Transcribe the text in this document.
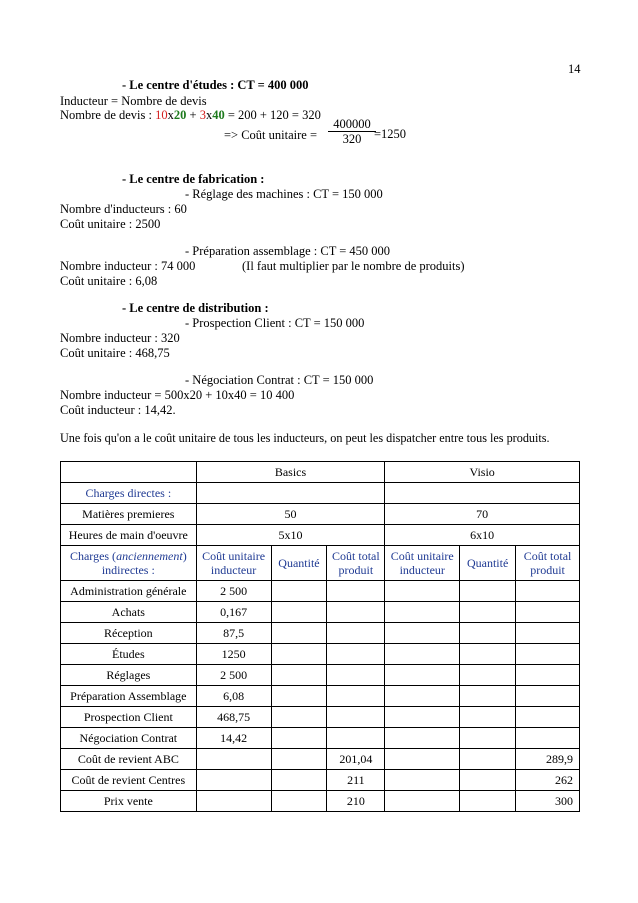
14
- Le centre d'études : CT = 400 000
Inducteur = Nombre de devis
Nombre de devis : 10x20 + 3x40 = 200 + 120 = 320
=> Coût unitaire = $\frac{400000}{320}$
=1250
- Le centre de fabrication :
- Réglage des machines : CT = 150 000
Nombre d'inducteurs : 60
Coût unitaire : 2500
- Préparation assemblage : CT = 450 000
Nombre inducteur : 74 000	(Il faut multiplier par le nombre de produits)
Coût unitaire : 6,08
- Le centre de distribution :
- Prospection Client : CT = 150 000
Nombre inducteur : 320
Coût unitaire : 468,75
- Négociation Contrat : CT = 150 000
Nombre inducteur = 500x20 + 10x40 = 10 400
Coût inducteur : 14,42.
Une fois qu'on a le coût unitaire de tous les inducteurs, on peut les dispatcher entre tous les produits.
	Basics			Visio		
Charges directes :						
Matières premieres	50			70		
Heures de main d'oeuvre	5x10			6x10		
Charges (anciennement)
indirectes :	Coût unitaire inducteur	Quantité	Coût total produit	Coût unitaire inducteur	Quantité	Coût total produit
Administration générale	2 500					
Achats	0,167					
Réception	87,5					
Études	1250					
Réglages	2 500					
Préparation Assemblage	6,08					
Prospection Client	468,75					
Négociation Contrat	14,42					
Coût de revient ABC			201,04			289,9
Coût de revient Centres			211			262
Prix vente			210			300
